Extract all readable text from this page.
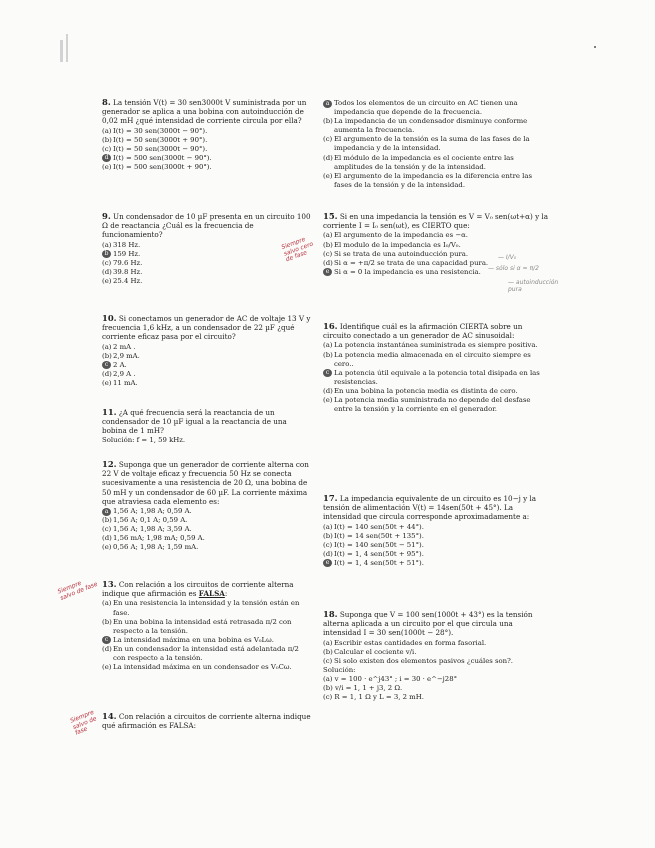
8. La tensión V(t) = 30 sen3000t V suministrada por un generador se aplica a una bobina con autoinducción de 0,02 mH ¿qué intensidad de corriente circula por ella?

(a) I(t) = 30 sen(3000t − 90°).
(b) I(t) = 50 sen(3000t + 90°).
(c) I(t) = 50 sen(3000t − 90°).
d I(t) = 500 sen(3000t − 90°).
(e) I(t) = 500 sen(3000t + 90°).

9. Un condensador de 10 µF presenta en un circuito 100 Ω de reactancia ¿Cuál es la frecuencia de funcionamiento?

(a) 318 Hz.
b 159 Hz.
(c) 79.6 Hz.
(d) 39.8 Hz.
(e) 25.4 Hz.

10. Si conectamos un generador de AC de voltaje 13 V y frecuencia 1,6 kHz, a un condensador de 22 µF ¿qué corriente eficaz pasa por el circuito?

(a) 2 mA .
(b) 2,9 mA.
c 2 A.
(d) 2,9 A .
(e) 11 mA.

11. ¿A qué frecuencia será la reactancia de un condensador de 10 µF igual a la reactancia de una bobina de 1 mH?

Solución: f = 1, 59 kHz.

12. Suponga que un generador de corriente alterna con 22 V de voltaje eficaz y frecuencia 50 Hz se conecta sucesivamente a una resistencia de 20 Ω, una bobina de 50 mH y un condensador de 60 µF. La corriente máxima que atraviesa cada elemento es:

a 1,56 A; 1,98 A; 0,59 A.
(b) 1,56 A; 0,1 A; 0,59 A.
(c) 1,56 A; 1,98 A; 3,59 A.
(d) 1,56 mA; 1,98 mA; 0,59 A.
(e) 0,56 A; 1,98 A; 1,59 mA.

13. Con relación a los circuitos de corriente alterna indique que afirmación es FALSA:

(a) En una resistencia la intensidad y la tensión están en fase.
(b) En una bobina la intensidad está retrasada π/2 con respecto a la tensión.
c La intensidad máxima en una bobina es V₀Lω.
(d) En un condensador la intensidad está adelantada π/2 con respecto a la tensión.
(e) La intensidad máxima en un condensador es V₀Cω.

14. Con relación a circuitos de corriente alterna indique qué afirmación es FALSA:

a Todos los elementos de un circuito en AC tienen una impedancia que depende de la frecuencia.
(b) La impedancia de un condensador disminuye conforme aumenta la frecuencia.
(c) El argumento de la tensión es la suma de las fases de la impedancia y de la intensidad.
(d) El módulo de la impedancia es el cociente entre las amplitudes de la tensión y de la intensidad.
(e) El argumento de la impedancia es la diferencia entre las fases de la tensión y de la intensidad.

15. Si en una impedancia la tensión es V = V₀ sen(ωt+α) y la corriente I = I₀ sen(ωt), es CIERTO que:

(a) El argumento de la impedancia es −α.
(b) El modulo de la impedancia es I₀/V₀.
(c) Si se trata de una autoinducción pura.
(d) Si α = +π/2 se trata de una capacidad pura.
e Si α = 0 la impedancia es una resistencia.

16. Identifique cuál es la afirmación CIERTA sobre un circuito conectado a un generador de AC sinusoidal:

(a) La potencia instantánea suministrada es siempre positiva.
(b) La potencia media almacenada en el circuito siempre es cero..
c La potencia útil equivale a la potencia total disipada en las resistencias.
(d) En una bobina la potencia media es distinta de cero.
(e) La potencia media suministrada no depende del desfase entre la tensión y la corriente en el generador.

17. La impedancia equivalente de un circuito es 10−j y la tensión de alimentación V(t) = 14sen(50t + 45°). La intensidad que circula corresponde aproximadamente a:

(a) I(t) = 140 sen(50t + 44°).
(b) I(t) = 14 sen(50t + 135°).
(c) I(t) = 140 sen(50t − 51°).
(d) I(t) = 1, 4 sen(50t + 95°).
e I(t) = 1, 4 sen(50t + 51°).

18. Suponga que V = 100 sen(1000t + 43°) es la tensión alterna aplicada a un circuito por el que circula una intensidad I = 30 sen(1000t − 28°).

(a) Escribir estas cantidades en forma fasorial.
(b) Calcular el cociente v/i.
(c) Si solo existen dos elementos pasivos ¿cuáles son?.

Solución:

(a) v = 100 · e^j43° ; i = 30 · e^−j28°

(b) v/i = 1, 1 + j3, 2 Ω.

(c) R = 1, 1 Ω y L = 3, 2 mH.

Siempre salvo cero de fase
Siempre salvo de fase
Siempre salvo de fase
— I/V₀
— sólo si α = π/2
— autoinducción pura
